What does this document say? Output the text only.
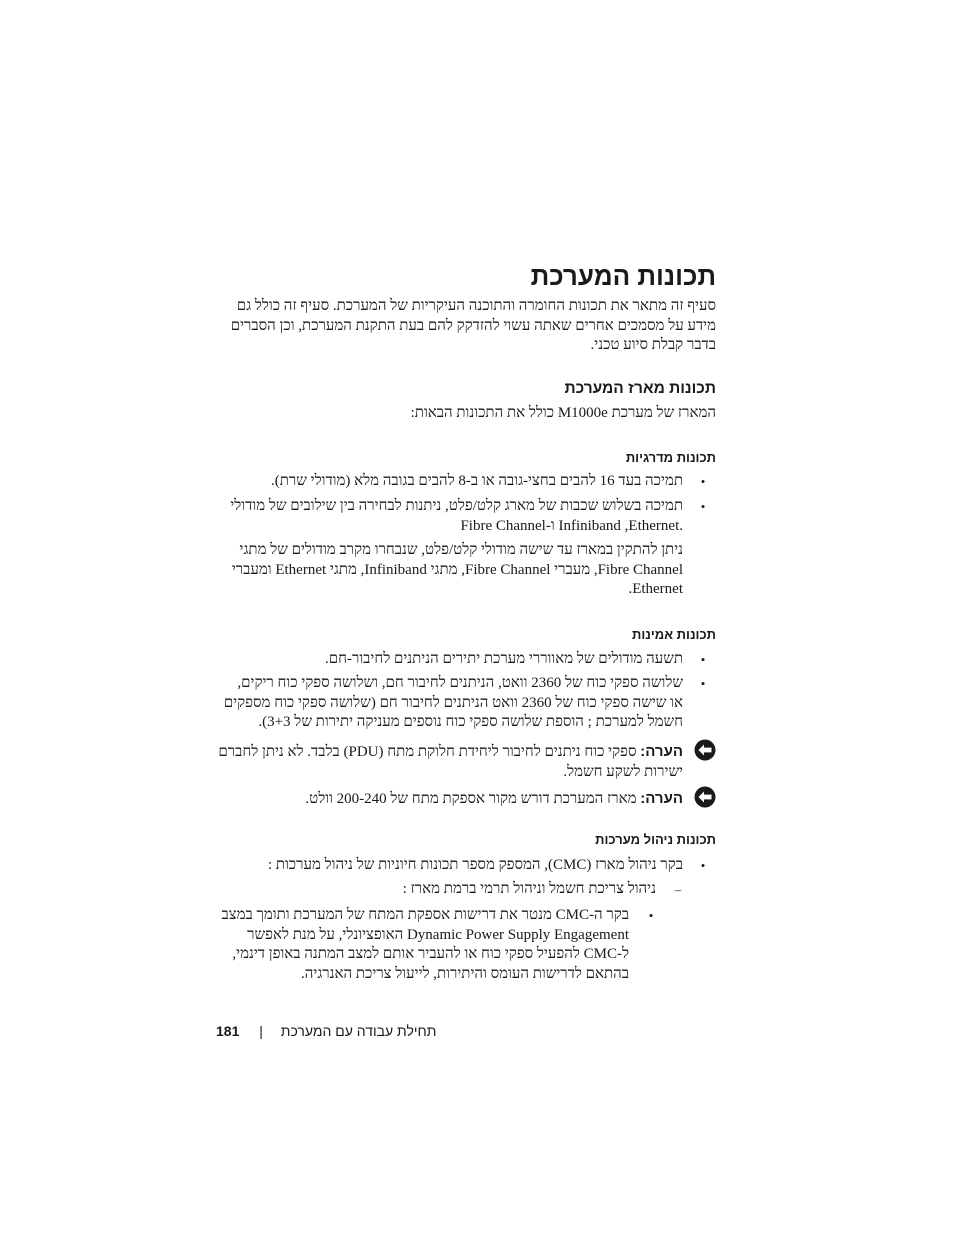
תכונות המערכת
סעיף זה מתאר את תכונות החומרה והתוכנה העיקריות של המערכת. סעיף זה כולל גם
מידע על מסמכים אחרים שאתה עשוי להזדקק להם בעת התקנת המערכת, וכן הסברים
בדבר קבלת סיוע טכני.
תכונות מארז המערכת
המארז של מערכת M1000e כולל את התכונות הבאות:
תכונות מדרגיות
•
תמיכה בעד 16 להבים בחצי-גובה או ב-8 להבים בגובה מלא (מודולי שרת).
•
תמיכה בשלוש שכבות של מארג קלט/פלט, ניתנות לבחירה בין שילובים של מודולי
Fibre Channel-ו Infiniband ,Ethernet.
ניתן להתקין במארז עד שישה מודולי קלט/פלט, שנבחרו מקרב מודולים של מתגי
Fibre Channel, מעברי Fibre Channel, מתגי Infiniband, מתגי Ethernet ומעברי
Ethernet.
תכונות אמינות
•
תשעה מודולים של מאווררי מערכת יתירים הניתנים לחיבור-חם.
•
שלושה ספקי כוח של 2360 וואט, הניתנים לחיבור חם, ושלושה ספקי כוח ריקים,
או שישה ספקי כוח של 2360 וואט הניתנים לחיבור חם (שלושה ספקי כוח מספקים
חשמל למערכת ; הוספת שלושה ספקי כוח נוספים מעניקה יתירות של 3+3).
הערה: ספקי כוח ניתנים לחיבור ליחידת חלוקת מתח (PDU) בלבד. לא ניתן לחברם
ישירות לשקע חשמל.
הערה: מארז המערכת דורש מקור אספקת מתח של 200-240 וולט.
תכונות ניהול מערכות
•
בקר ניהול מארז (CMC), המספק מספר תכונות חיוניות של ניהול מערכות :
–
ניהול צריכת חשמל וניהול תרמי ברמת מארז :
•
בקר ה-CMC מנטר את דרישות אספקת המתח של המערכת ותומך במצב
Dynamic Power Supply Engagement האופציונלי, על מנת לאפשר
ל-CMC להפעיל ספקי כוח או להעביר אותם למצב המתנה באופן דינמי,
בהתאם לדרישות העומס והיתירות, לייעול צריכת האנרגיה.
181 | תחילת עבודה עם המערכת
